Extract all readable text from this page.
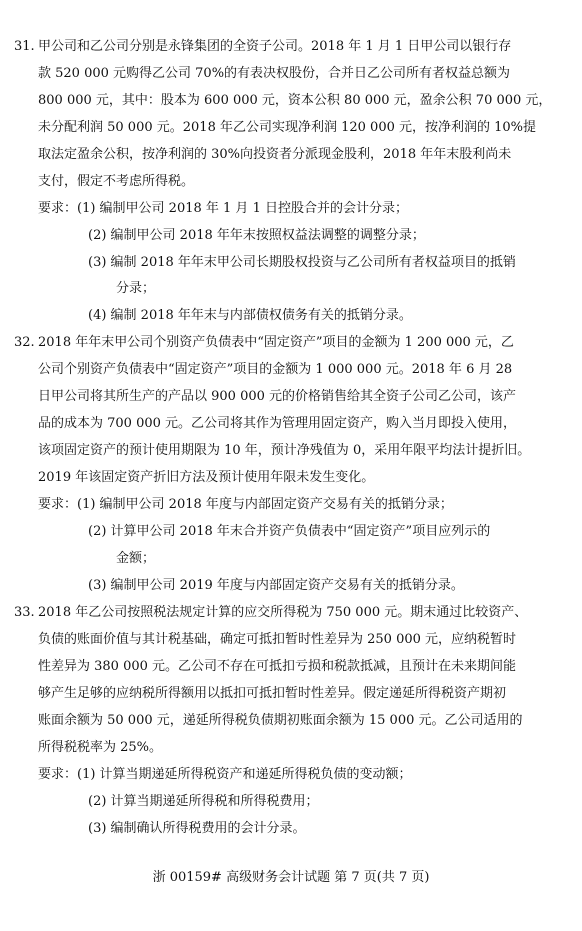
31. 甲公司和乙公司分别是永锋集团的全资子公司。2018 年 1 月 1 日甲公司以银行存
款 520 000 元购得乙公司 70%的有表决权股份，合并日乙公司所有者权益总额为
800 000 元，其中：股本为 600 000 元，资本公积 80 000 元，盈余公积 70 000 元，
未分配利润 50 000 元。2018 年乙公司实现净利润 120 000 元，按净利润的 10%提
取法定盈余公积，按净利润的 30%向投资者分派现金股利，2018 年年末股利尚未
支付，假定不考虑所得税。
要求：(1) 编制甲公司 2018 年 1 月 1 日控股合并的会计分录；
(2) 编制甲公司 2018 年年末按照权益法调整的调整分录；
(3) 编制 2018 年年末甲公司长期股权投资与乙公司所有者权益项目的抵销
分录；
(4) 编制 2018 年年末与内部债权债务有关的抵销分录。
32. 2018 年年末甲公司个别资产负债表中“固定资产”项目的金额为 1 200 000 元，乙
公司个别资产负债表中“固定资产”项目的金额为 1 000 000 元。2018 年 6 月 28
日甲公司将其所生产的产品以 900 000 元的价格销售给其全资子公司乙公司，该产
品的成本为 700 000 元。乙公司将其作为管理用固定资产，购入当月即投入使用，
该项固定资产的预计使用期限为 10 年，预计净残值为 0，采用年限平均法计提折旧。
2019 年该固定资产折旧方法及预计使用年限未发生变化。
要求：(1) 编制甲公司 2018 年度与内部固定资产交易有关的抵销分录；
(2) 计算甲公司 2018 年末合并资产负债表中“固定资产”项目应列示的
金额；
(3) 编制甲公司 2019 年度与内部固定资产交易有关的抵销分录。
33. 2018 年乙公司按照税法规定计算的应交所得税为 750 000 元。期末通过比较资产、
负债的账面价值与其计税基础，确定可抵扣暂时性差异为 250 000 元，应纳税暂时
性差异为 380 000 元。乙公司不存在可抵扣亏损和税款抵减，且预计在未来期间能
够产生足够的应纳税所得额用以抵扣可抵扣暂时性差异。假定递延所得税资产期初
账面余额为 50 000 元，递延所得税负债期初账面余额为 15 000 元。乙公司适用的
所得税税率为 25%。
要求：(1) 计算当期递延所得税资产和递延所得税负债的变动额；
(2) 计算当期递延所得税和所得税费用；
(3) 编制确认所得税费用的会计分录。
浙 00159# 高级财务会计试题 第 7 页(共 7 页)
